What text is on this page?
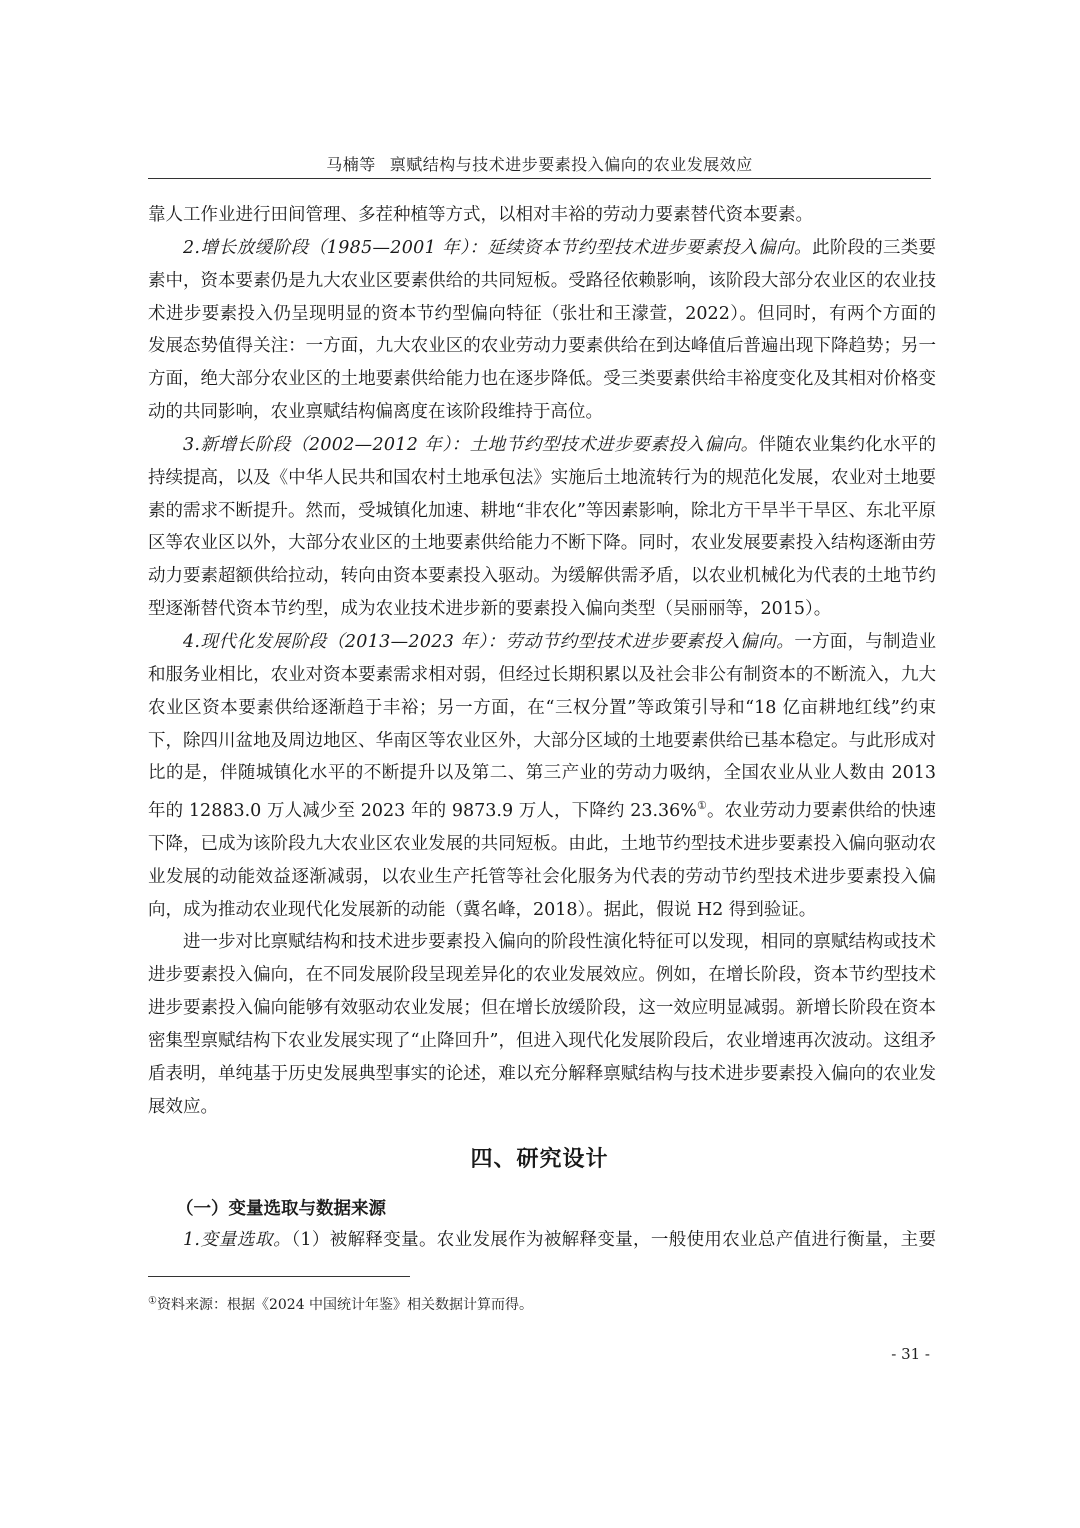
马楠等 禀赋结构与技术进步要素投入偏向的农业发展效应

靠人工作业进行田间管理、多茬种植等方式，以相对丰裕的劳动力要素替代资本要素。

2.增长放缓阶段（1985—2001 年）：延续资本节约型技术进步要素投入偏向。此阶段的三类要素中，资本要素仍是九大农业区要素供给的共同短板。受路径依赖影响，该阶段大部分农业区的农业技术进步要素投入仍呈现明显的资本节约型偏向特征（张壮和王濛萱，2022）。但同时，有两个方面的发展态势值得关注：一方面，九大农业区的农业劳动力要素供给在到达峰值后普遍出现下降趋势；另一方面，绝大部分农业区的土地要素供给能力也在逐步降低。受三类要素供给丰裕度变化及其相对价格变动的共同影响，农业禀赋结构偏离度在该阶段维持于高位。

3.新增长阶段（2002—2012 年）：土地节约型技术进步要素投入偏向。伴随农业集约化水平的持续提高，以及《中华人民共和国农村土地承包法》实施后土地流转行为的规范化发展，农业对土地要素的需求不断提升。然而，受城镇化加速、耕地“非农化”等因素影响，除北方干旱半干旱区、东北平原区等农业区以外，大部分农业区的土地要素供给能力不断下降。同时，农业发展要素投入结构逐渐由劳动力要素超额供给拉动，转向由资本要素投入驱动。为缓解供需矛盾，以农业机械化为代表的土地节约型逐渐替代资本节约型，成为农业技术进步新的要素投入偏向类型（吴丽丽等，2015）。

4.现代化发展阶段（2013—2023 年）：劳动节约型技术进步要素投入偏向。一方面，与制造业和服务业相比，农业对资本要素需求相对弱，但经过长期积累以及社会非公有制资本的不断流入，九大农业区资本要素供给逐渐趋于丰裕；另一方面，在“三权分置”等政策引导和“18 亿亩耕地红线”约束下，除四川盆地及周边地区、华南区等农业区外，大部分区域的土地要素供给已基本稳定。与此形成对比的是，伴随城镇化水平的不断提升以及第二、第三产业的劳动力吸纳，全国农业从业人数由 2013 年的 12883.0 万人减少至 2023 年的 9873.9 万人，下降约 23.36%①。农业劳动力要素供给的快速下降，已成为该阶段九大农业区农业发展的共同短板。由此，土地节约型技术进步要素投入偏向驱动农业发展的动能效益逐渐减弱，以农业生产托管等社会化服务为代表的劳动节约型技术进步要素投入偏向，成为推动农业现代化发展新的动能（冀名峰，2018）。据此，假说 H2 得到验证。

进一步对比禀赋结构和技术进步要素投入偏向的阶段性演化特征可以发现，相同的禀赋结构或技术进步要素投入偏向，在不同发展阶段呈现差异化的农业发展效应。例如，在增长阶段，资本节约型技术进步要素投入偏向能够有效驱动农业发展；但在增长放缓阶段，这一效应明显减弱。新增长阶段在资本密集型禀赋结构下农业发展实现了“止降回升”，但进入现代化发展阶段后，农业增速再次波动。这组矛盾表明，单纯基于历史发展典型事实的论述，难以充分解释禀赋结构与技术进步要素投入偏向的农业发展效应。

四、研究设计
（一）变量选取与数据来源
1.变量选取。（1）被解释变量。农业发展作为被解释变量，一般使用农业总产值进行衡量，主要
①资料来源：根据《2024 中国统计年鉴》相关数据计算而得。
- 31 -
